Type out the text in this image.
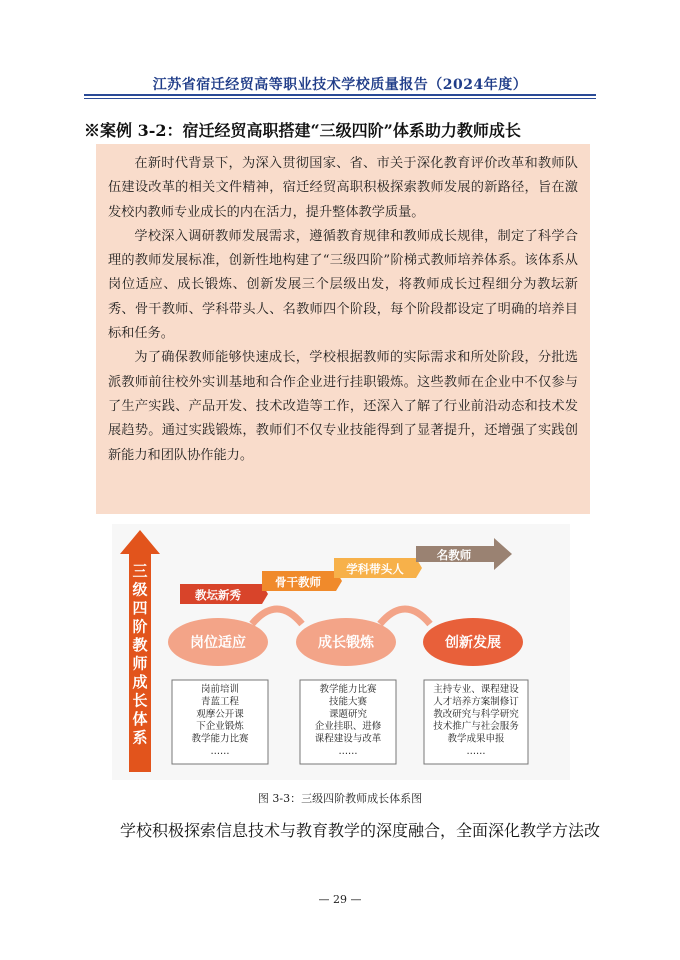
江苏省宿迁经贸高等职业技术学校质量报告（2024年度）
※案例 3-2：宿迁经贸高职搭建“三级四阶”体系助力教师成长

在新时代背景下，为深入贯彻国家、省、市关于深化教育评价改革和教师队伍建设改革的相关文件精神，宿迁经贸高职积极探索教师发展的新路径，旨在激发校内教师专业成长的内在活力，提升整体教学质量。

学校深入调研教师发展需求，遵循教育规律和教师成长规律，制定了科学合理的教师发展标准，创新性地构建了“三级四阶”阶梯式教师培养体系。该体系从岗位适应、成长锻炼、创新发展三个层级出发，将教师成长过程细分为教坛新秀、骨干教师、学科带头人、名教师四个阶段，每个阶段都设定了明确的培养目标和任务。

为了确保教师能够快速成长，学校根据教师的实际需求和所处阶段，分批选派教师前往校外实训基地和合作企业进行挂职锻炼。这些教师在企业中不仅参与了生产实践、产品开发、技术改造等工作，还深入了解了行业前沿动态和技术发展趋势。通过实践锻炼，教师们不仅专业技能得到了显著提升，还增强了实践创新能力和团队协作能力。

三级四阶教师成长体系
教坛新秀
骨干教师
学科带头人
名教师
岗位适应	成长锻炼	创新发展
岗前培训
青蓝工程
观摩公开课
下企业锻炼
教学能力比赛
……
教学能力比赛
技能大赛
课题研究
企业挂职、进修
课程建设与改革
……
主持专业、课程建设
人才培养方案制修订
教改研究与科学研究
技术推广与社会服务
教学成果申报
……
图 3-3：三级四阶教师成长体系图
学校积极探索信息技术与教育教学的深度融合，全面深化教学方法改
— 29 —
